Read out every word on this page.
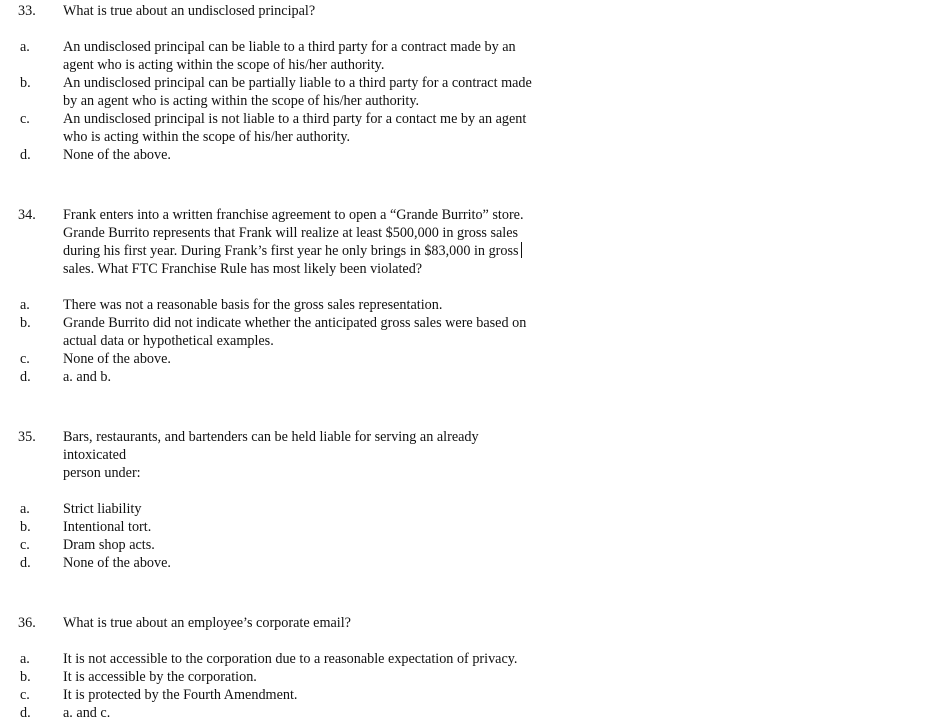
33. What is true about an undisclosed principal?
a. An undisclosed principal can be liable to a third party for a contract made by an
agent who is acting within the scope of his/her authority.
b. An undisclosed principal can be partially liable to a third party for a contract made
by an agent who is acting within the scope of his/her authority.
c. An undisclosed principal is not liable to a third party for a contact me by an agent
who is acting within the scope of his/her authority.
d. None of the above.
34. Frank enters into a written franchise agreement to open a “Grande Burrito” store.
Grande Burrito represents that Frank will realize at least $500,000 in gross sales
during his first year. During Frank’s first year he only brings in $83,000 in gross
sales. What FTC Franchise Rule has most likely been violated?
a. There was not a reasonable basis for the gross sales representation.
b. Grande Burrito did not indicate whether the anticipated gross sales were based on
actual data or hypothetical examples.
c. None of the above.
d. a. and b.
35. Bars, restaurants, and bartenders can be held liable for serving an already
intoxicated
person under:
a. Strict liability
b. Intentional tort.
c. Dram shop acts.
d. None of the above.
36. What is true about an employee’s corporate email?
a. It is not accessible to the corporation due to a reasonable expectation of privacy.
b. It is accessible by the corporation.
c. It is protected by the Fourth Amendment.
d. a. and c.
